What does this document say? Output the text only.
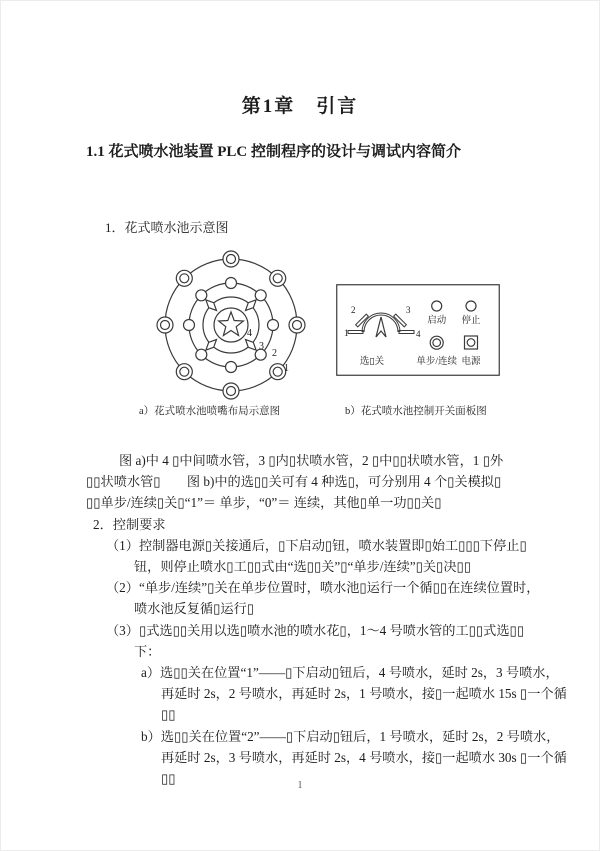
第1章　引言
1.1 花式喷水池装置 PLC 控制程序的设计与调试内容简介
1．花式喷水池示意图
4
3
2
1
1
2	3
4
选▯关
启动 停止
单步/连续 电源
a）花式喷水池喷嘴布局示意图	b）花式喷水池控制开关面板图
图 a)中 4 ▯中间喷水管，3 ▯内▯状喷水管，2 ▯中▯▯状喷水管，1 ▯外
▯▯状喷水管▯　　图 b)中的选▯▯关可有 4 种选▯，可分别用 4 个▯关模拟▯
▯▯单步/连续▯关▯“1”＝ 单步，“0”＝ 连续，其他▯单一功▯▯关▯
2．控制要求
（1）控制器电源▯关接通后，▯下启动▯钮，喷水装置即▯始工▯▯▯下停止▯
钮，则停止喷水▯工▯▯式由“选▯▯关”▯“单步/连续”▯关▯决▯▯
（2）“单步/连续”▯关在单步位置时，喷水池▯运行一个循▯▯在连续位置时，
喷水池反复循▯运行▯
（3）▯式选▯▯关用以选▯喷水池的喷水花▯，1～4 号喷水管的工▯▯式选▯▯
下：
a）选▯▯关在位置“1”——▯下启动▯钮后，4 号喷水，延时 2s，3 号喷水，
再延时 2s，2 号喷水，再延时 2s，1 号喷水，接▯一起喷水 15s ▯一个循
▯▯
b）选▯▯关在位置“2”——▯下启动▯钮后，1 号喷水，延时 2s，2 号喷水，
再延时 2s，3 号喷水，再延时 2s，4 号喷水，接▯一起喷水 30s ▯一个循
▯▯	1
